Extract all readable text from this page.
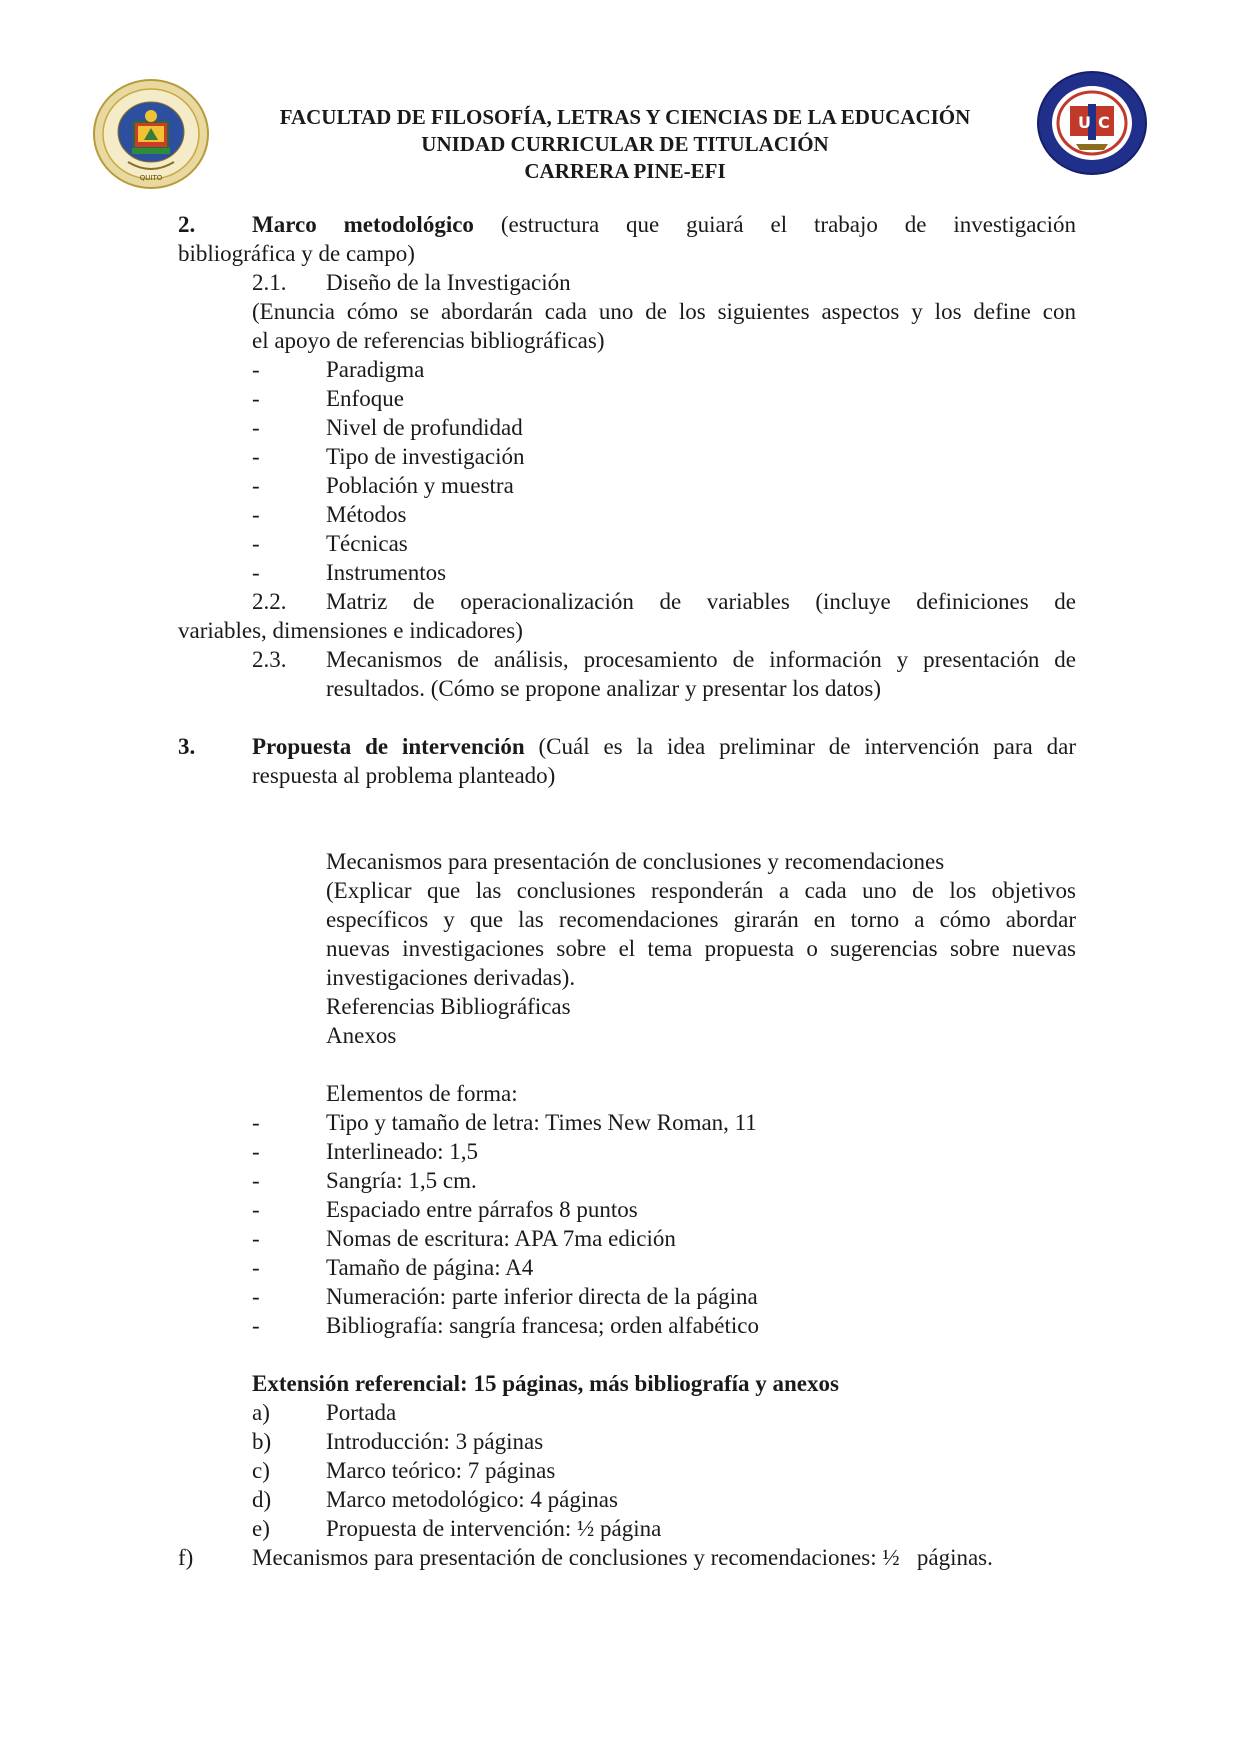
QUITO
U C
FACULTAD DE FILOSOFÍA, LETRAS Y CIENCIAS DE LA EDUCACIÓN
UNIDAD CURRICULAR DE TITULACIÓN
CARRERA PINE-EFI
2. Marco metodológico (estructura que guiará el trabajo de investigación
bibliográfica y de campo)
2.1. Diseño de la Investigación
(Enuncia cómo se abordarán cada uno de los siguientes aspectos y los define con
el apoyo de referencias bibliográficas)
-	Paradigma
-	Enfoque
-	Nivel de profundidad
-	Tipo de investigación
-	Población y muestra
-	Métodos
-	Técnicas
-	Instrumentos
2.2. Matriz de operacionalización de variables (incluye definiciones de
variables, dimensiones e indicadores)
2.3. Mecanismos de análisis, procesamiento de información y presentación de
resultados. (Cómo se propone analizar y presentar los datos)
3. Propuesta de intervención (Cuál es la idea preliminar de intervención para dar
respuesta al problema planteado)
Mecanismos para presentación de conclusiones y recomendaciones
(Explicar que las conclusiones responderán a cada uno de los objetivos
específicos y que las recomendaciones girarán en torno a cómo abordar
nuevas investigaciones sobre el tema propuesta o sugerencias sobre nuevas
investigaciones derivadas).
Referencias Bibliográficas
Anexos
Elementos de forma:
-	Tipo y tamaño de letra: Times New Roman, 11
-	Interlineado: 1,5
-	Sangría: 1,5 cm.
-	Espaciado entre párrafos 8 puntos
-	Nomas de escritura: APA 7ma edición
-	Tamaño de página: A4
-	Numeración: parte inferior directa de la página
-	Bibliografía: sangría francesa; orden alfabético
Extensión referencial: 15 páginas, más bibliografía y anexos
a) Portada
b) Introducción: 3 páginas
c) Marco teórico: 7 páginas
d) Marco metodológico: 4 páginas
e) Propuesta de intervención: ½ página
f)	Mecanismos para presentación de conclusiones y recomendaciones: ½   páginas.
